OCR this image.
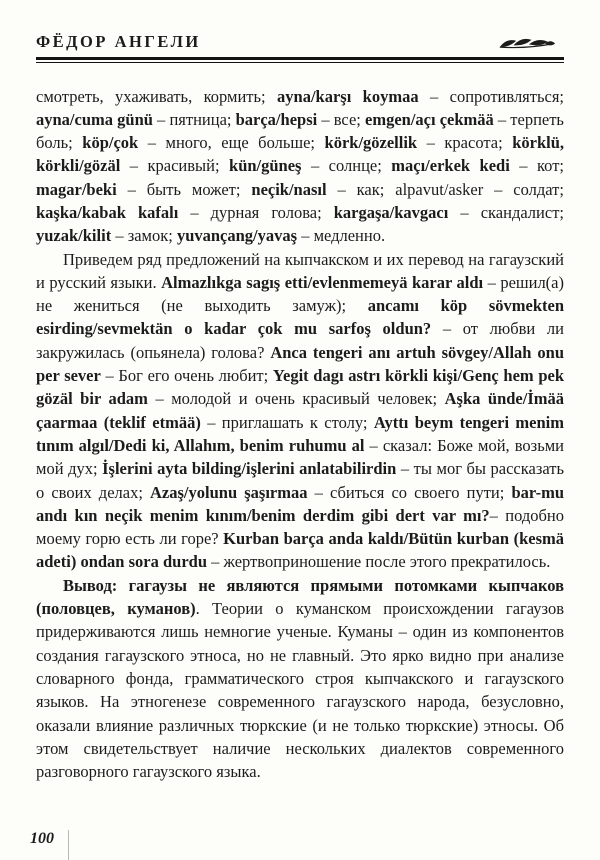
ФЁДОР АНГЕЛИ

смотреть, ухаживать, кормить; ayna/karşı koymaa – сопротивляться; ayna/cuma günü – пятница; barça/hepsi – все; emgen/açı çekmää – терпеть боль; köp/çok – много, еще больше; körk/gözellik – красота; körklü, körkli/gözäl – красивый; kün/güneş – солнце; maçı/erkek kedi – кот; magar/beki – быть может; neçik/nasıl – как; alpavut/asker – солдат; kaşka/kabak kafalı – дурная голова; kargaşa/kavgacı – скандалист; yuzak/kilit – замок; yuvançang/yavaş – медленно.

Приведем ряд предложений на кыпчакском и их перевод на гагаузский и русский языки. Almazlıkga sagış etti/evlenmemeyä karar aldı – решил(а) не жениться (не выходить замуж); ancamı köp sövmekten esirding/sevmektän o kadar çok mu sarfoş oldun? – от любви ли закружилась (опьянела) голова? Anca tengeri anı artuh sövgey/Allah onu per sever – Бог его очень любит; Yegit dagı astrı körkli kişi/Genç hem pek gözäl bir adam – молодой и очень красивый человек; Aşka ünde/İmää çaarmaa (teklif etmää) – приглашать к столу; Ayttı beym tengeri menim tınım algıl/Dedi ki, Allahım, benim ruhumu al – сказал: Боже мой, возьми мой дух; İşlerini ayta bilding/işlerini anlatabilirdin – ты мог бы рассказать о своих делах; Azaş/yolunu şaşırmaa – сбиться со своего пути; bar-mu andı kın neçik menim kınım/benim derdim gibi dert var mı?– подобно моему горю есть ли горе? Kurban barça anda kaldı/Bütün kurban (kesmä adeti) ondan sora durdu – жертвоприношение после этого прекратилось.

Вывод: гагаузы не являются прямыми потомками кыпчаков (половцев, куманов). Теории о куманском происхождении гагаузов придерживаются лишь немногие ученые. Куманы – один из компонентов создания гагаузского этноса, но не главный. Это ярко видно при анализе словарного фонда, грамматического строя кыпчакского и гагаузского языков. На этногенезе современного гагаузского народа, безусловно, оказали влияние различных тюркские (и не только тюркские) этносы. Об этом свидетельствует наличие нескольких диалектов современного разговорного гагаузского языка.

100
